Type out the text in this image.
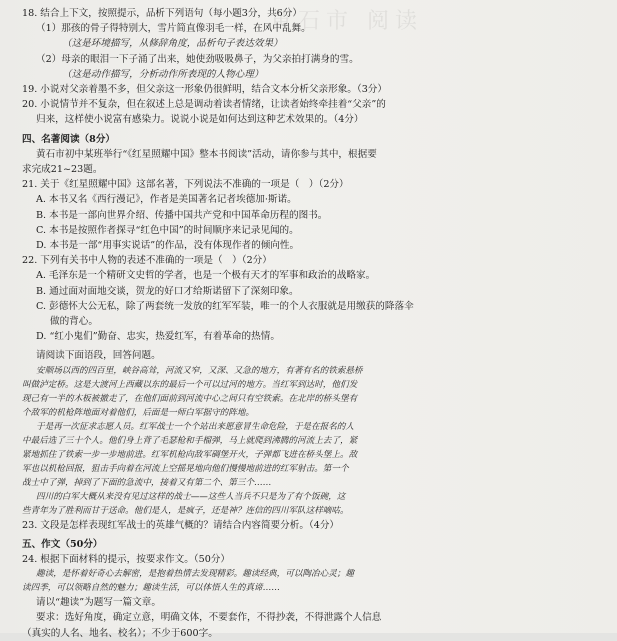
黄石市 阅读
18. 结合上下文，按照提示，品析下列语句（每小题3分，共6分）
（1）那孩的骨子得特别大，雪片简直像羽毛一样，在风中乱舞。
（这是环境描写，从修辞角度，品析句子表达效果）
（2）母亲的眼泪一下子涌了出来，她使劲吸吸鼻子，为父亲拍打满身的雪。
（这是动作描写，分析动作所表现的人物心理）
19. 小说对父亲着墨不多，但父亲这一形象仍很鲜明，结合文本分析父亲形象。（3分）
20. 小说情节并不复杂，但在叙述上总是调动着读者情绪，让读者始终牵挂着“父亲”的
归来，这样使小说富有感染力。说说小说是如何达到这种艺术效果的。（4分）
四、名著阅读（8分）
黄石市初中某班举行“《红星照耀中国》整本书阅读”活动，请你参与其中，根据要
求完成21~23题。
21. 关于《红星照耀中国》这部名著，下列说法不准确的一项是（　）（2分）
A. 本书又名《西行漫记》，作者是美国著名记者埃德加·斯诺。
B. 本书是一部向世界介绍、传播中国共产党和中国革命历程的图书。
C. 本书是按照作者探寻“红色中国”的时间顺序来记录见闻的。
D. 本书是一部“用事实说话”的作品，没有体现作者的倾向性。
22. 下列有关书中人物的表述不准确的一项是（　）（2分）
A. 毛泽东是一个精研文史哲的学者，也是一个极有天才的军事和政治的战略家。
B. 通过面对面地交谈，贺龙的好口才给斯诺留下了深刻印象。
C. 彭德怀大公无私，除了两套统一发放的红军军装，唯一的个人衣服就是用缴获的降落伞
做的背心。
D. “红小鬼们”勤奋、忠实，热爱红军，有着革命的热情。
请阅读下面语段，回答问题。
安顺场以西的四百里，峡谷高耸，河流又窄，又深、又急的地方，有著有名的铁索悬桥
叫做泸定桥。这是大渡河上西藏以东的最后一个可以过河的地方。当红军到达时，他们发
现己有一半的木板被撤走了，在他们面前到河流中心之间只有空铁索。在北岸的桥头堡有
个敌军的机枪阵地面对着他们，后面是一师白军据守的阵地。
于是再一次征求志愿人员。红军战士一个个站出来愿意冒生命危险，于是在报名的人
中最后选了三十个人。他们身上背了毛瑟枪和手榴弹，马上就爬到沸腾的河流上去了，紧
紧地抓住了铁索一步一步地前进。红军机枪向敌军碉堡开火，子弹都飞进在桥头堡上。敌
军也以机枪回报，狙击手向着在河流上空摇晃地向他们慢慢地前进的红军射击。第一个
战士中了弹，掉到了下面的急流中，接着又有第二个、第三个……
四川的白军大概从来没有见过这样的战士——这些人当兵不只是为了有个饭碗，这
些青年为了胜利而甘于送命。他们是人，是疯子，还是神？连信的四川军队这样嘀咕。
23. 文段是怎样表现红军战士的英雄气概的？请结合内容简要分析。（4分）
五、作文（50分）
24. 根据下面材料的提示，按要求作文。（50分）
趣读，是怀着好奇心去解密，是抱着热情去发现精彩。趣读经典，可以陶冶心灵；趣
读四季，可以领略自然的魅力；趣读生活，可以体悟人生的真谛……
请以“趣读”为题写一篇文章。
要求：选好角度，确定立意，明确文体，不要套作，不得抄袭，不得泄露个人信息
（真实的人名、地名、校名）；不少于600字。
